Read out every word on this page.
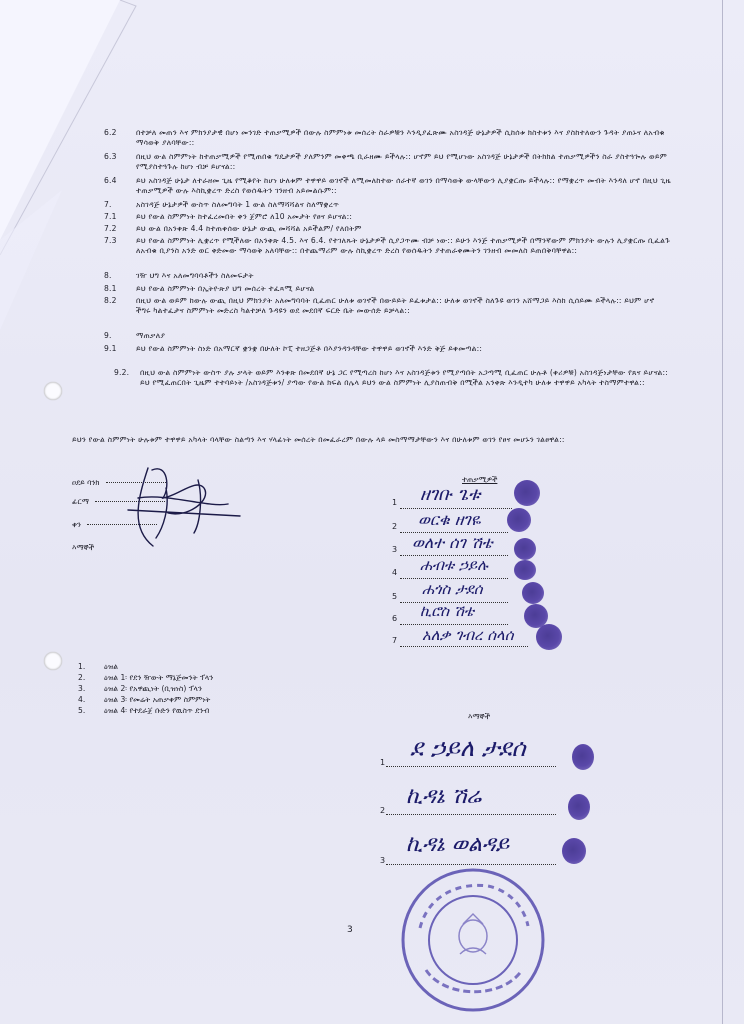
6.2	በተቻለ መጠን እና ምክንያታዊ በሆነ መንገድ ተጠቃሚዎች በውሉ ስምምነቱ መሰረት ስራዎቹን እንዲያፈጽሙ አስገዳጅ ሁኔታዎች ሲከሰቱ ክስተቱን እና ያስከተለውን ጉዳት ያጠኑና ለአብቁ ማሳወቅ ያለባቸው::
6.3	በዚህ ውል ስምምነት ከተጠቃሚዎች የሚጠበቁ ግዴታዎች ያለምንም መቀጫ ቢራዘሙ ይችላሉ:: ሆኖም ይህ የሚሆነው አስገዳጅ ሁኔታዎች በትክክል ተጠቃሚዎችን ስራ ያስተጓጐሉ ወይም የሚያስተጓጉሉ ከሆነ ብቻ ይሆናል::
6.4	ይህ አስገዳጅ ሁኔታ ለተራዘመ ጊዜ የሚቆየት ከሆነ ሁለቱም ተዋዋይ ወገኖች ለሚመለከተው ሰራተኛ ወገን በማሳወቅ ውላቸውን ሊያቋርጡ ይችላሉ:: የማቋረጥ መብት እንዳለ ሆኖ በዚህ ጊዜ ተጠቃሚዎች ውሉ እስኪቋረጥ ድረስ የወሰዱትን ገንዘብ አይመልሱም::
7.	አስገዳጅ ሁኔታዎች ውስጥ ስለመግባት 1 ውል ስለማሻሻልና ስለማቋረጥ
7.1	ይህ የውል ስምምነት ከተፈረመበት ቀን ጀምሮ ለ10 አመታት የፀና ይሆናል::
7.2	ይህ ውል በአንቀጽ 4.4 ከተጠቀሰው ሁኔታ ውጪ መሻሻል አይችልም/ የለበትም
7.3	ይህ የውል ስምምነት ሊቋረጥ የሚችለው በአንቀጽ 4.5. እና 6.4. የተገለጹት ሁኔታዎች ሲያጋጥሙ ብቻ ነው:: ይሁን እንጅ ተጠቃሚዎች በማንኛውም ምክንያት ውሉን ሊያቋርጡ ቢፈልጉ ለአብቁ ቢያንስ አንድ ወር ቀድመው ማሳወቅ አለባቸው:: በተጨማሪም ውሉ ስኪቋረጥ ድረስ የወሰዱትን ያተጠራቀሙትን ገንዘብ መመለስ ይጠበቅባቸዋል::
8.	ገዥ ህግ እና አለመግባባቶችን ስለመፍታት
8.1	ይህ የውል ስምምነት በኢትዮጵያ ህግ መሰረት ተፈጻሚ ይሆናል
8.2	በዚህ ውል ወይም ከውሉ ውጪ በዚህ ምክንያት አለመግባባት ቢፈጠር ሁለቱ ወገኖች በውይይት ይፈቱታል:: ሁለቱ ወገኖች ስለጉዩ ወገን አሸማጋይ እስከ ሲሰይሙ ይችላሉ:: ይህም ሆኖ ችግሩ ካልተፈታና ስምምነት መድረስ ካልተቻለ ጉዳዩን ወደ መደበኛ ፍርድ ቤት መውሰድ ይቻላል::
9.	ማጠቃለያ
9.1	ይህ የውል ስምምነት ስነድ በአማርኛ ቋንቋ በሁለት ኮፒ ተዘጋጅቶ በእያንዳንዳቸው ተዋዋይ ወገኖች እንድ ቅጅ ይቀመጣል::
9.2. በዚህ ውል ስምምነት ውስጥ ያሉ ቃላት ወይም እንቀጽ በመደበኛ ሁኔ ጋር የሚጣረስ ከሆነ እና አስገዳጅቱን የሚያጣበት አጋጣሚ ቢፈጠር ሁሉቶ (ቀሪዎቹ) አስገዳጅነታቸው የጸና ይሆናል:: ይህ የሚፈጠርበት ጊዜም ተተባይነት /አስገዳጅቱን/ ያጣው የውል ክፍል በሌላ ይህን ውል ስምምነት ሊያስጠብቅ በሚችል አንቀጽ እንዲተካ ሁለቱ ተዋዋይ አካላት ተስማምተዋል::
ይህን የውል ስምምነት ሁሉቱም ተዋዋይ አካላት ባላቸው ስልጣን እና ሃላፊነት መሰረት በመፈራረም በውሉ ላይ መስማማታቸውን እና በሁለቱም ወገን የፀና መሆኑን ገልፀዋል::
ዐደይ ባንክ
ፊርማ
ቀን
እማኞች
ተጠቃሚዎች
1 ዘገቡ ጌቱ
2 ወርቁ ዘገዬ
3 ወለተ ሰገ ሽቴ
4 ሐብቱ ኃይሉ
5 ሐጎስ ታደሰ
6 ኪሮስ ሽቴ
7 አለቃ ገብረ ሰላሰ
1. ዕዝል
2. ዕዝል 1፡ የደን ዥውት ማኔጅመንት ፕላን
3. ዕዝል 2፡ የአዋጪነት (ቢዝነስ) ፕላን
4. ዕዝል 3፡ የመሬት አጠቃቀም ስምምነት
5. ዕዝል 4፡ የተደራጀ ቡድን የዉስጥ ደንብ
እማኞች
1
ደ ኃይለ ታደሰ
2
ኪዳኔ ሽሬ
3
ኪዳኔ ወልዳይ
3
